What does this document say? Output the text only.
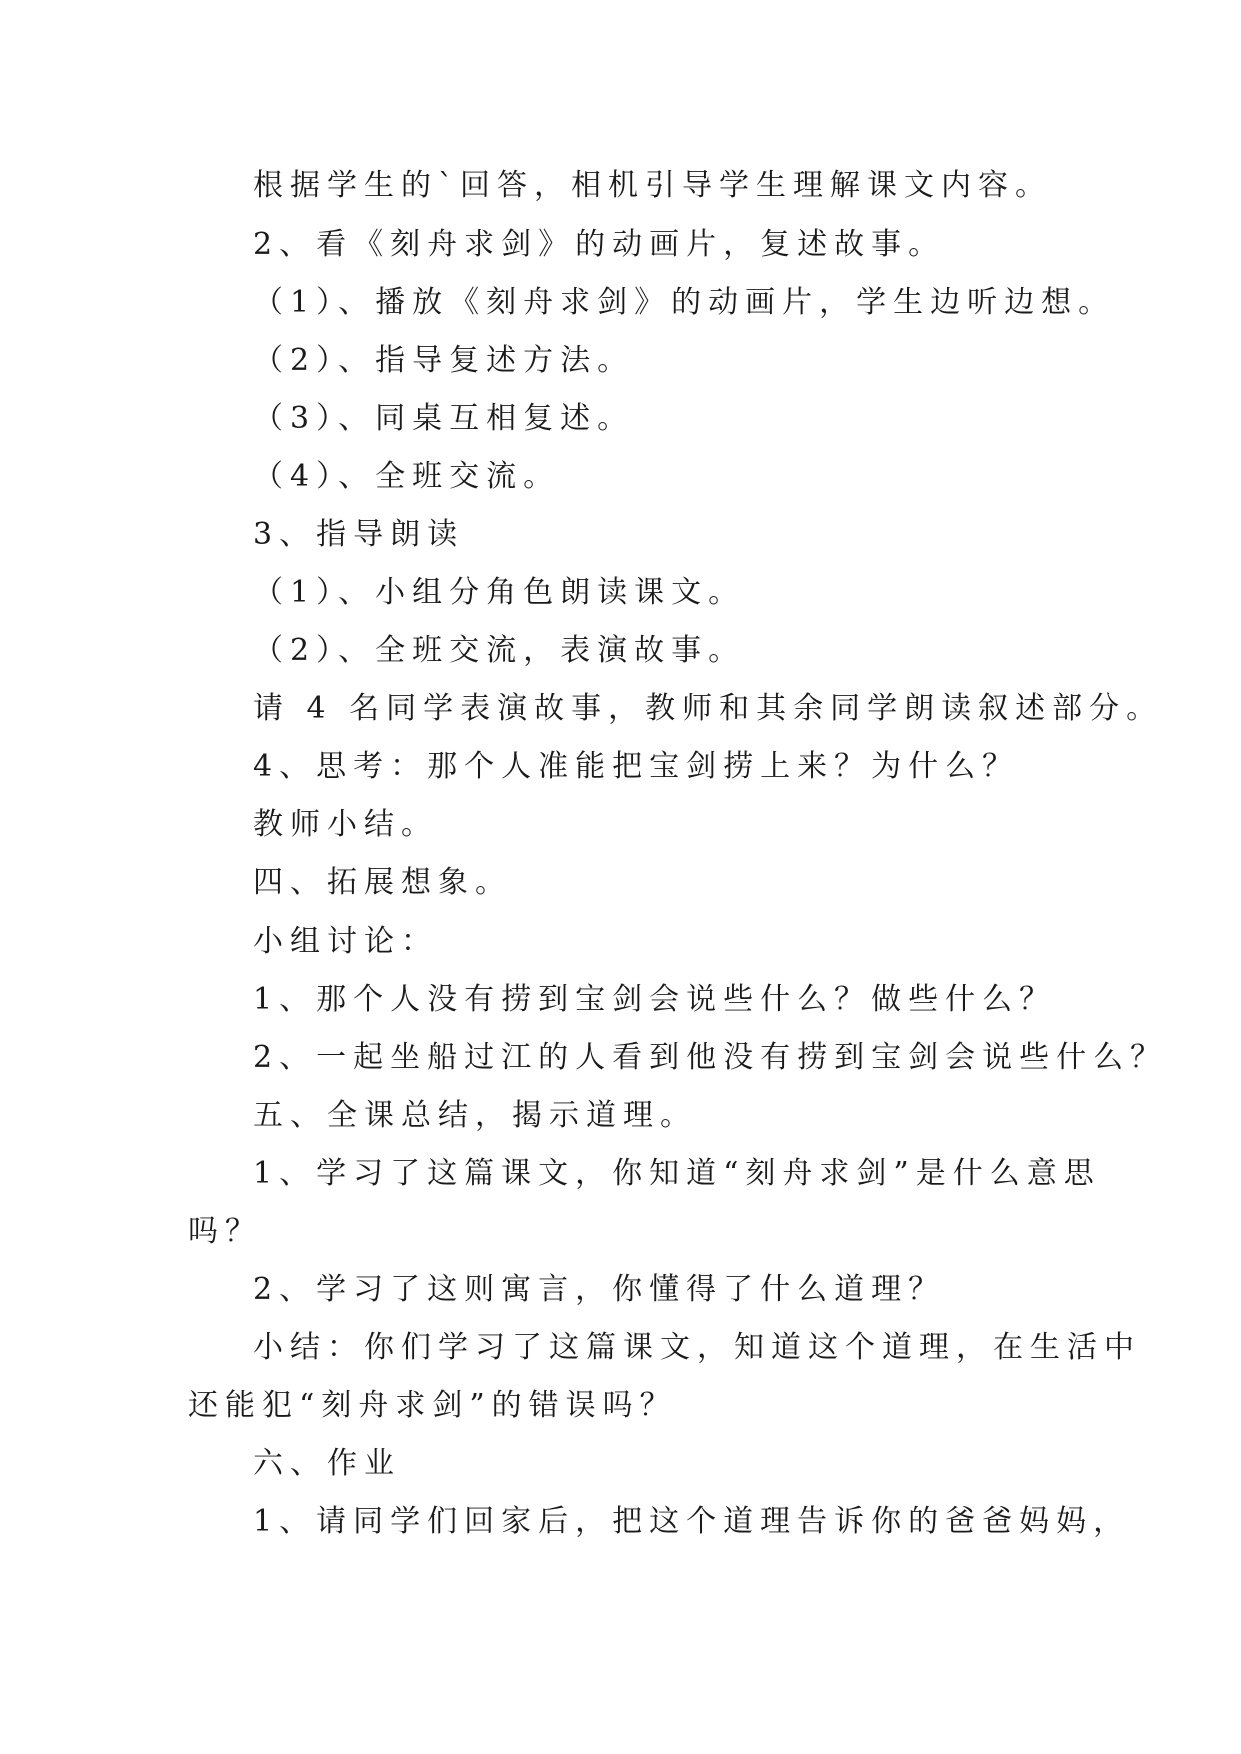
根据学生的`回答，相机引导学生理解课文内容。
2、看《刻舟求剑》的动画片，复述故事。
（1）、播放《刻舟求剑》的动画片，学生边听边想。
（2）、指导复述方法。
（3）、同桌互相复述。
（4）、全班交流。
3、指导朗读
（1）、小组分角色朗读课文。
（2）、全班交流，表演故事。
请 4 名同学表演故事，教师和其余同学朗读叙述部分。
4、思考：那个人准能把宝剑捞上来？为什么？
教师小结。
四、拓展想象。
小组讨论：
1、那个人没有捞到宝剑会说些什么？做些什么？
2、一起坐船过江的人看到他没有捞到宝剑会说些什么？
五、全课总结，揭示道理。
1、学习了这篇课文，你知道“刻舟求剑”是什么意思
吗？
2、学习了这则寓言，你懂得了什么道理？
小结：你们学习了这篇课文，知道这个道理，在生活中
还能犯“刻舟求剑”的错误吗？
六、作业
1、请同学们回家后，把这个道理告诉你的爸爸妈妈，
